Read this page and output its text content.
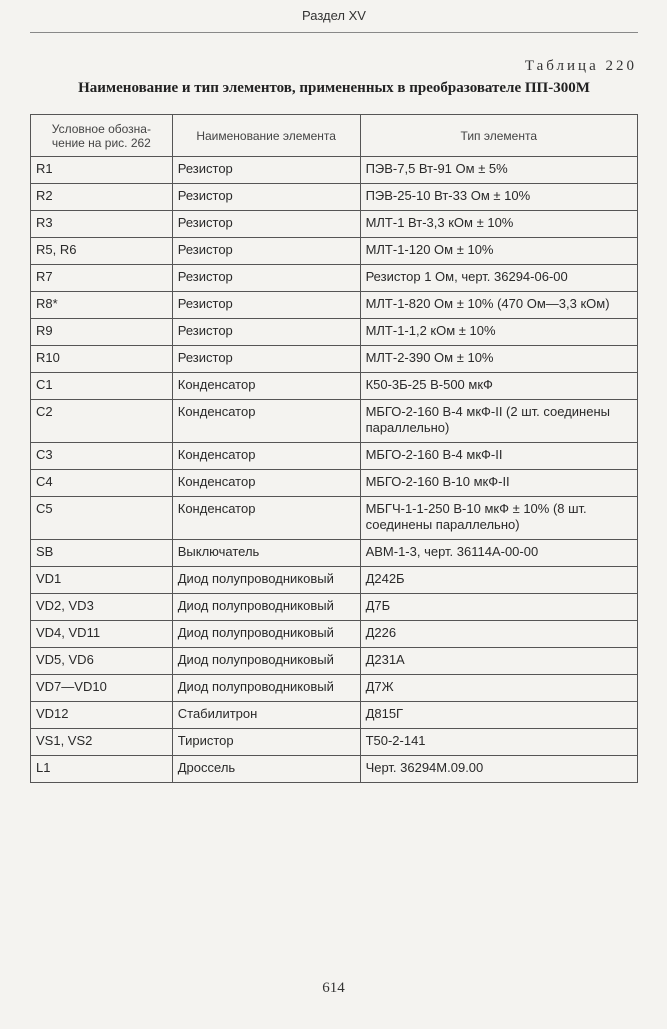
Раздел XV
Таблица 220
Наименование и тип элементов, примененных в преобразователе ПП-300М
Условное обозна-чение на рис. 262	Наименование элемента	Тип элемента
R1	Резистор	ПЭВ-7,5 Вт-91 Ом ± 5%
R2	Резистор	ПЭВ-25-10 Вт-33 Ом ± 10%
R3	Резистор	МЛТ-1 Вт-3,3 кОм ± 10%
R5, R6	Резистор	МЛТ-1-120 Ом ± 10%
R7	Резистор	Резистор 1 Ом, черт. 36294-06-00
R8*	Резистор	МЛТ-1-820 Ом ± 10% (470 Ом—3,3 кОм)
R9	Резистор	МЛТ-1-1,2 кОм ± 10%
R10	Резистор	МЛТ-2-390 Ом ± 10%
С1	Конденсатор	К50-3Б-25 В-500 мкФ
С2	Конденсатор	МБГО-2-160 В-4 мкФ-II (2 шт. соединены параллельно)
С3	Конденсатор	МБГО-2-160 В-4 мкФ-II
С4	Конденсатор	МБГО-2-160 В-10 мкФ-II
С5	Конденсатор	МБГЧ-1-1-250 В-10 мкФ ± 10% (8 шт. соединены параллельно)
SB	Выключатель	АВМ-1-3, черт. 36114А-00-00
VD1	Диод полупроводниковый	Д242Б
VD2, VD3	Диод полупроводниковый	Д7Б
VD4, VD11	Диод полупроводниковый	Д226
VD5, VD6	Диод полупроводниковый	Д231А
VD7—VD10	Диод полупроводниковый	Д7Ж
VD12	Стабилитрон	Д815Г
VS1, VS2	Тиристор	Т50-2-141
L1	Дроссель	Черт. 36294М.09.00
614
